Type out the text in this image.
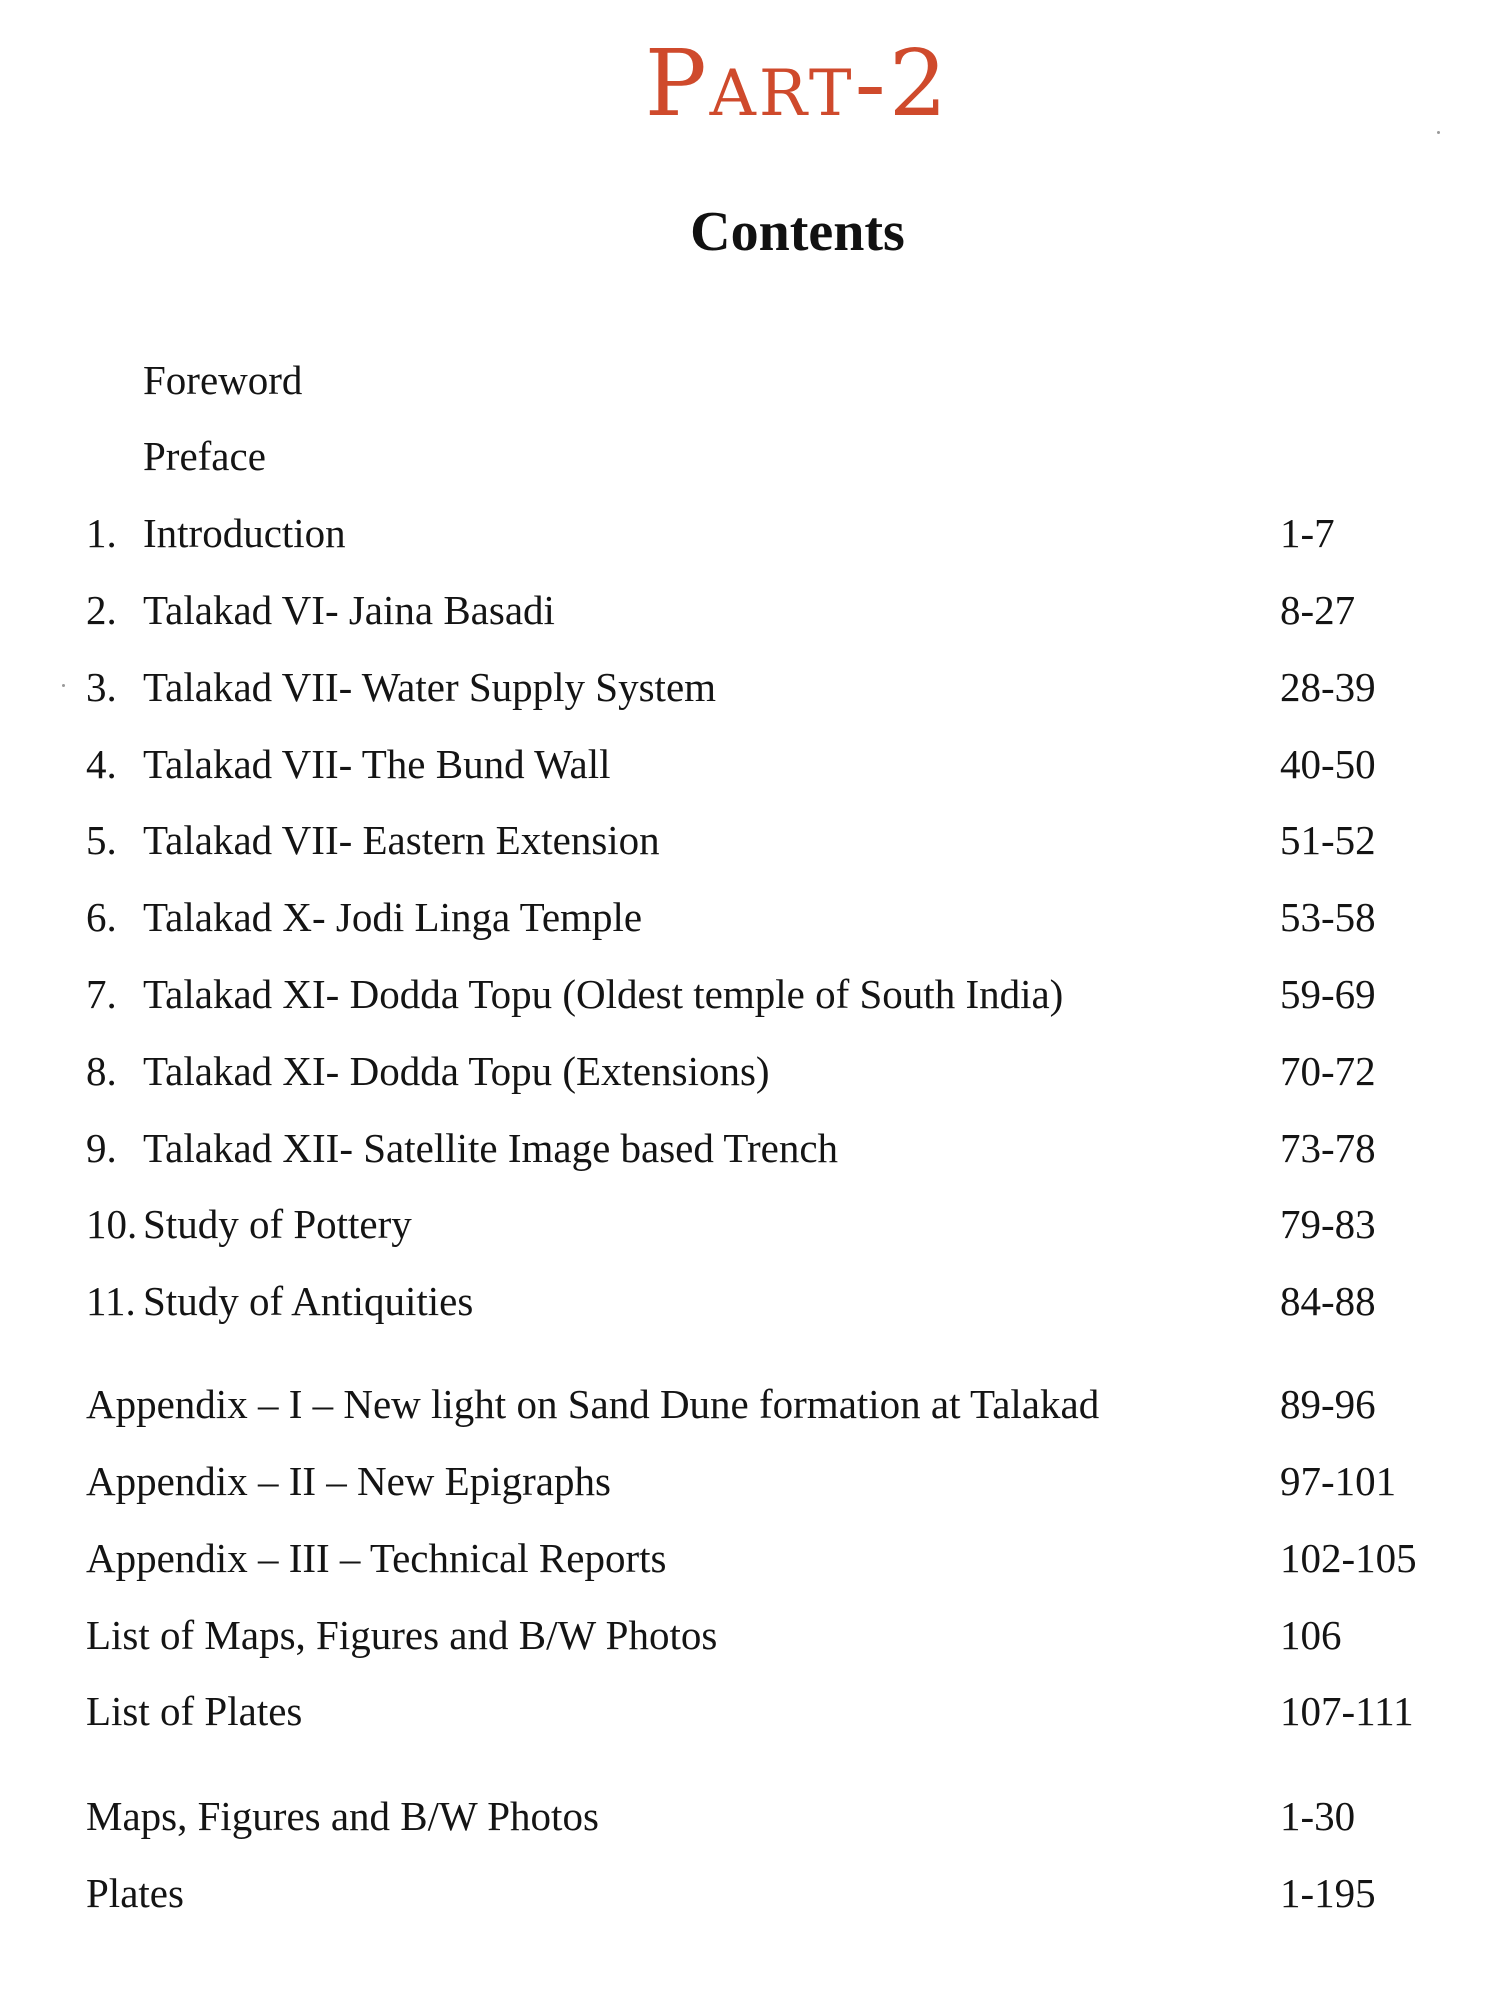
Part-2
Contents
Foreword
Preface
1. Introduction	1-7
2. Talakad VI- Jaina Basadi	8-27
3. Talakad VII- Water Supply System	28-39
4. Talakad VII- The Bund Wall	40-50
5. Talakad VII- Eastern Extension	51-52
6. Talakad X- Jodi Linga Temple	53-58
7. Talakad XI- Dodda Topu (Oldest temple of South India)	59-69
8. Talakad XI- Dodda Topu (Extensions)	70-72
9. Talakad XII- Satellite Image based Trench	73-78
10. Study of Pottery	79-83
11. Study of Antiquities	84-88
Appendix – I – New light on Sand Dune formation at Talakad	89-96
Appendix – II – New Epigraphs	97-101
Appendix – III – Technical Reports	102-105
List of Maps, Figures and B/W Photos	106
List of Plates	107-111
Maps, Figures and B/W Photos	1-30
Plates	1-195
